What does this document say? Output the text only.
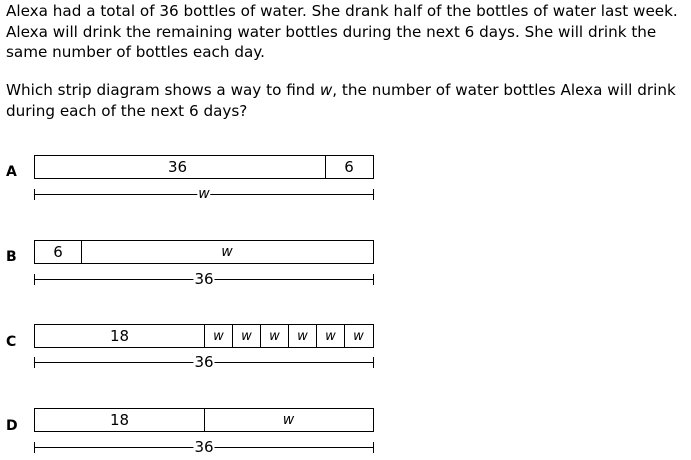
Alexa had a total of 36 bottles of water. She drank half of the bottles of water last week. Alexa will drink the remaining water bottles during the next 6 days. She will drink the same number of bottles each day.

Which strip diagram shows a way to find w, the number of water bottles Alexa will drink during each of the next 6 days?

A	36	6
w
B	6	w
36
C	18	w	w	w	w	w	w
36
D	18	w
36
